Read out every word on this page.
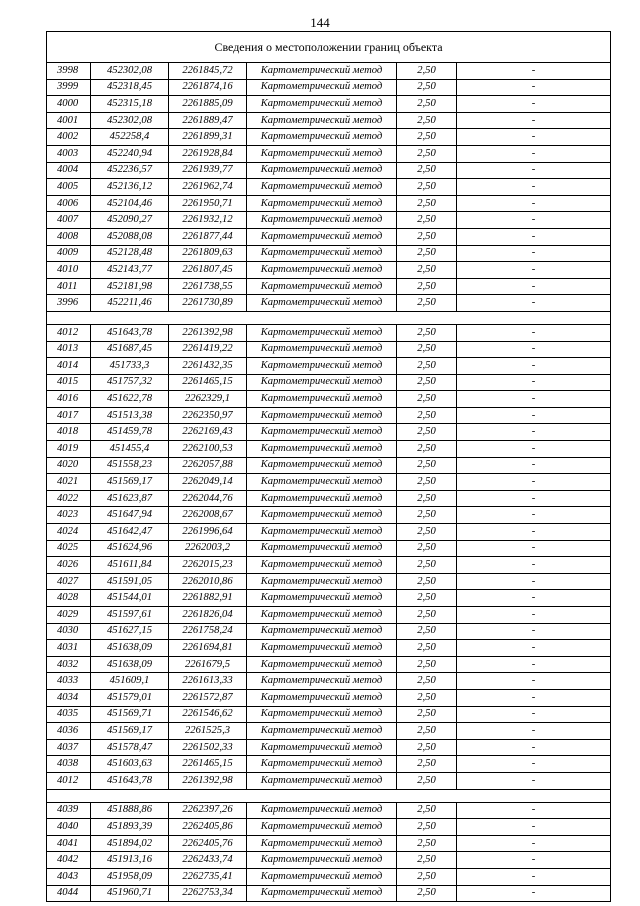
144
Сведения о местоположении границ объекта					
3998	452302,08	2261845,72	Картометрический метод	2,50	-
3999	452318,45	2261874,16	Картометрический метод	2,50	-
4000	452315,18	2261885,09	Картометрический метод	2,50	-
4001	452302,08	2261889,47	Картометрический метод	2,50	-
4002	452258,4	2261899,31	Картометрический метод	2,50	-
4003	452240,94	2261928,84	Картометрический метод	2,50	-
4004	452236,57	2261939,77	Картометрический метод	2,50	-
4005	452136,12	2261962,74	Картометрический метод	2,50	-
4006	452104,46	2261950,71	Картометрический метод	2,50	-
4007	452090,27	2261932,12	Картометрический метод	2,50	-
4008	452088,08	2261877,44	Картометрический метод	2,50	-
4009	452128,48	2261809,63	Картометрический метод	2,50	-
4010	452143,77	2261807,45	Картометрический метод	2,50	-
4011	452181,98	2261738,55	Картометрический метод	2,50	-
3996	452211,46	2261730,89	Картометрический метод	2,50	-

4012	451643,78	2261392,98	Картометрический метод	2,50	-
4013	451687,45	2261419,22	Картометрический метод	2,50	-
4014	451733,3	2261432,35	Картометрический метод	2,50	-
4015	451757,32	2261465,15	Картометрический метод	2,50	-
4016	451622,78	2262329,1	Картометрический метод	2,50	-
4017	451513,38	2262350,97	Картометрический метод	2,50	-
4018	451459,78	2262169,43	Картометрический метод	2,50	-
4019	451455,4	2262100,53	Картометрический метод	2,50	-
4020	451558,23	2262057,88	Картометрический метод	2,50	-
4021	451569,17	2262049,14	Картометрический метод	2,50	-
4022	451623,87	2262044,76	Картометрический метод	2,50	-
4023	451647,94	2262008,67	Картометрический метод	2,50	-
4024	451642,47	2261996,64	Картометрический метод	2,50	-
4025	451624,96	2262003,2	Картометрический метод	2,50	-
4026	451611,84	2262015,23	Картометрический метод	2,50	-
4027	451591,05	2262010,86	Картометрический метод	2,50	-
4028	451544,01	2261882,91	Картометрический метод	2,50	-
4029	451597,61	2261826,04	Картометрический метод	2,50	-
4030	451627,15	2261758,24	Картометрический метод	2,50	-
4031	451638,09	2261694,81	Картометрический метод	2,50	-
4032	451638,09	2261679,5	Картометрический метод	2,50	-
4033	451609,1	2261613,33	Картометрический метод	2,50	-
4034	451579,01	2261572,87	Картометрический метод	2,50	-
4035	451569,71	2261546,62	Картометрический метод	2,50	-
4036	451569,17	2261525,3	Картометрический метод	2,50	-
4037	451578,47	2261502,33	Картометрический метод	2,50	-
4038	451603,63	2261465,15	Картометрический метод	2,50	-
4012	451643,78	2261392,98	Картометрический метод	2,50	-

4039	451888,86	2262397,26	Картометрический метод	2,50	-
4040	451893,39	2262405,86	Картометрический метод	2,50	-
4041	451894,02	2262405,76	Картометрический метод	2,50	-
4042	451913,16	2262433,74	Картометрический метод	2,50	-
4043	451958,09	2262735,41	Картометрический метод	2,50	-
4044	451960,71	2262753,34	Картометрический метод	2,50	-
